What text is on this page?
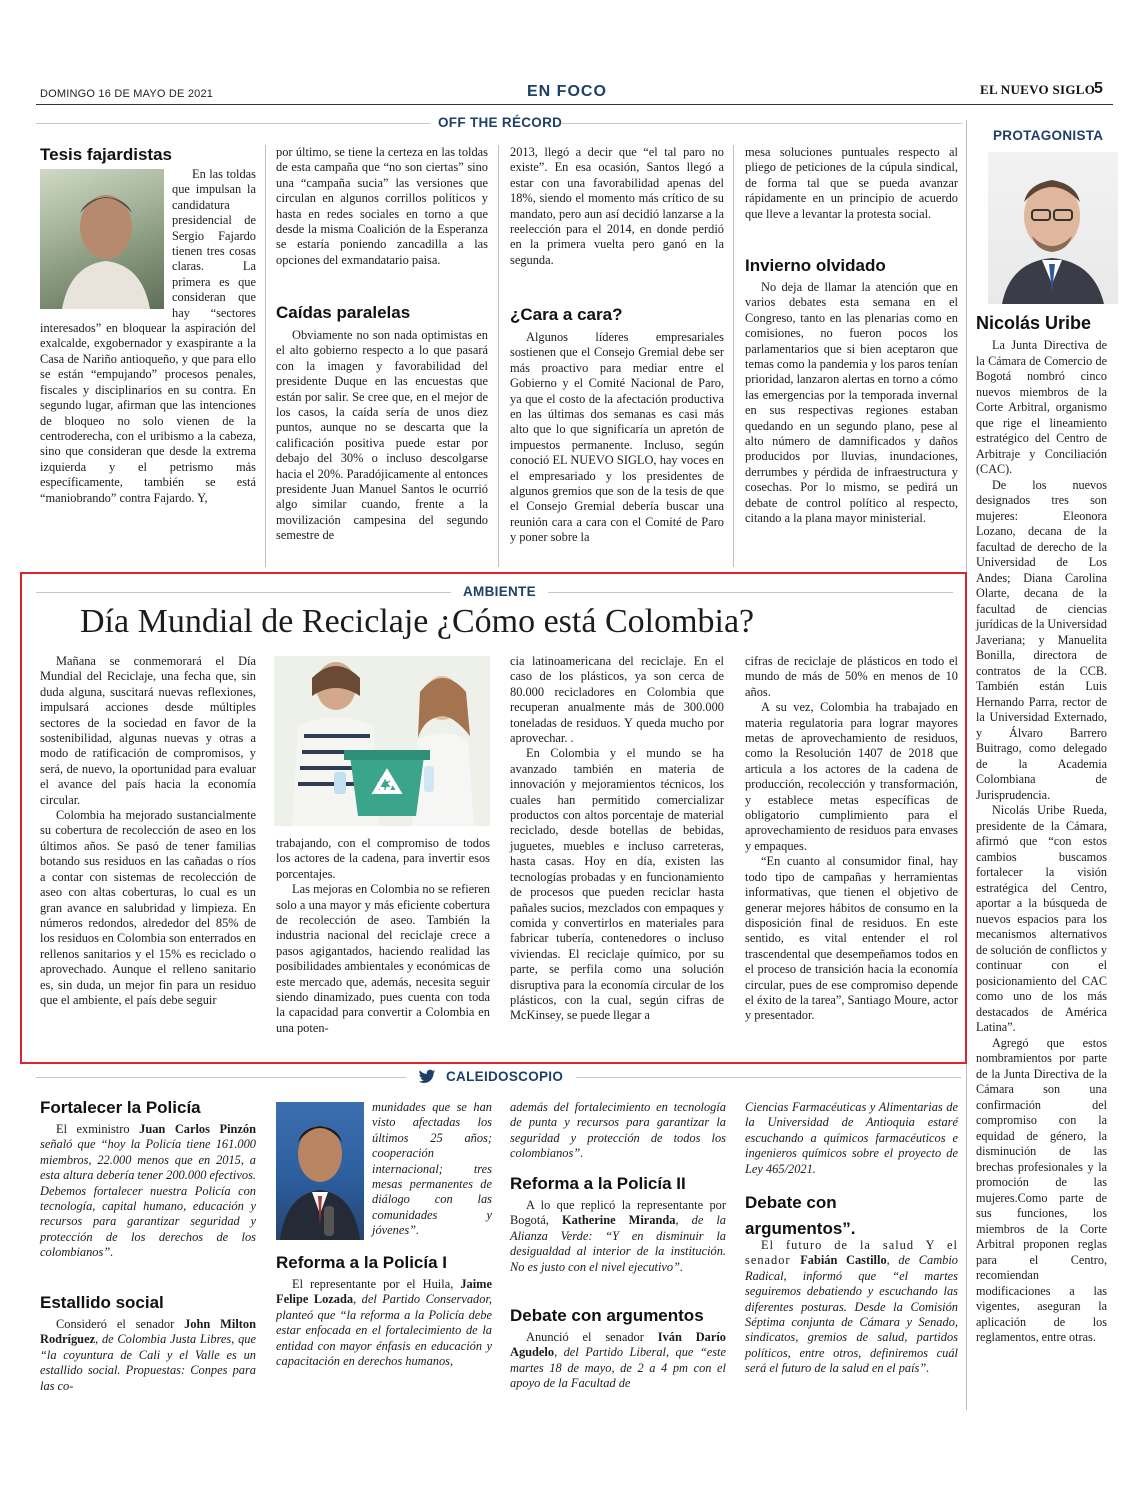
DOMINGO 16 DE MAYO DE 2021	EN FOCO	EL NUEVO SIGLO
5
OFF THE RÉCORD
Tesis fajardistas

En las toldas que impulsan la candidatura presidencial de Sergio Fajardo tienen tres cosas claras. La primera es que consideran que hay “sectores interesados” en bloquear la aspiración del exalcalde, exgobernador y exaspirante a la Casa de Nariño antioqueño, y que para ello se están “empujando” procesos penales, fiscales y disciplinarios en su contra. En segundo lugar, afirman que las intenciones de bloqueo no solo vienen de la centroderecha, con el uribismo a la cabeza, sino que consideran que desde la extrema izquierda y el petrismo más específicamente, también se está “maniobrando” contra Fajardo. Y,

por último, se tiene la certeza en las toldas de esta campaña que “no son ciertas” sino una “campaña sucia” las versiones que circulan en algunos corrillos políticos y hasta en redes sociales en torno a que desde la misma Coalición de la Esperanza se estaría poniendo zancadilla a las opciones del exmandatario paisa.

Caídas paralelas

Obviamente no son nada optimistas en el alto gobierno respecto a lo que pasará con la imagen y favorabilidad del presidente Duque en las encuestas que están por salir. Se cree que, en el mejor de los casos, la caída sería de unos diez puntos, aunque no se descarta que la calificación positiva puede estar por debajo del 30% o incluso descolgarse hacia el 20%. Paradójicamente al entonces presidente Juan Manuel Santos le ocurrió algo similar cuando, frente a la movilización campesina del segundo semestre de

2013, llegó a decir que “el tal paro no existe”. En esa ocasión, Santos llegó a estar con una favorabilidad apenas del 18%, siendo el momento más crítico de su mandato, pero aun así decidió lanzarse a la reelección para el 2014, en donde perdió en la primera vuelta pero ganó en la segunda.

¿Cara a cara?

Algunos líderes empresariales sostienen que el Consejo Gremial debe ser más proactivo para mediar entre el Gobierno y el Comité Nacional de Paro, ya que el costo de la afectación productiva en las últimas dos semanas es casi más alto que lo que significaría un apretón de impuestos permanente. Incluso, según conoció EL NUEVO SIGLO, hay voces en el empresariado y los presidentes de algunos gremios que son de la tesis de que el Consejo Gremial debería buscar una reunión cara a cara con el Comité de Paro y poner sobre la

mesa soluciones puntuales respecto al pliego de peticiones de la cúpula sindical, de forma tal que se pueda avanzar rápidamente en un principio de acuerdo que lleve a levantar la protesta social.

Invierno olvidado

No deja de llamar la atención que en varios debates esta semana en el Congreso, tanto en las plenarias como en comisiones, no fueron pocos los parlamentarios que si bien aceptaron que temas como la pandemia y los paros tenían prioridad, lanzaron alertas en torno a cómo las emergencias por la temporada invernal en sus respectivas regiones estaban quedando en un segundo plano, pese al alto número de damnificados y daños producidos por lluvias, inundaciones, derrumbes y pérdida de infraestructura y cosechas. Por lo mismo, se pedirá un debate de control político al respecto, citando a la plana mayor ministerial.

PROTAGONISTA
Nicolás Uribe

La Junta Directiva de la Cámara de Comercio de Bogotá nombró cinco nuevos miembros de la Corte Arbitral, organismo que rige el lineamiento estratégico del Centro de Arbitraje y Conciliación (CAC).

De los nuevos designados tres son mujeres: Eleonora Lozano, decana de la facultad de derecho de la Universidad de Los Andes; Diana Carolina Olarte, decana de la facultad de ciencias jurídicas de la Universidad Javeriana; y Manuelita Bonilla, directora de contratos de la CCB. También están Luis Hernando Parra, rector de la Universidad Externado, y Álvaro Barrero Buitrago, como delegado de la Academia Colombiana de Jurisprudencia.

Nicolás Uribe Rueda, presidente de la Cámara, afirmó que “con estos cambios buscamos fortalecer la visión estratégica del Centro, aportar a la búsqueda de nuevos espacios para los mecanismos alternativos de solución de conflictos y continuar con el posicionamiento del CAC como uno de los más destacados de América Latina”.

Agregó que estos nombramientos por parte de la Junta Directiva de la Cámara son una confirmación del compromiso con la equidad de género, la disminución de las brechas profesionales y la promoción de las mujeres.Como parte de sus funciones, los miembros de la Corte Arbitral proponen reglas para el Centro, recomiendan modificaciones a las vigentes, aseguran la aplicación de los reglamentos, entre otras.

AMBIENTE
Día Mundial de Reciclaje ¿Cómo está Colombia?

Mañana se conmemorará el Día Mundial del Reciclaje, una fecha que, sin duda alguna, suscitará nuevas reflexiones, impulsará acciones desde múltiples sectores de la sociedad en favor de la sostenibilidad, algunas nuevas y otras a modo de ratificación de compromisos, y será, de nuevo, la oportunidad para evaluar el avance del país hacia la economía circular.

Colombia ha mejorado sustancialmente su cobertura de recolección de aseo en los últimos años. Se pasó de tener familias botando sus residuos en las cañadas o ríos a contar con sistemas de recolección de aseo con altas coberturas, lo cual es un gran avance en salubridad y limpieza. En números redondos, alrededor del 85% de los residuos en Colombia son enterrados en rellenos sanitarios y el 15% es reciclado o aprovechado. Aunque el relleno sanitario es, sin duda, un mejor fin para un residuo que el ambiente, el país debe seguir

♻

trabajando, con el compromiso de todos los actores de la cadena, para invertir esos porcentajes.

Las mejoras en Colombia no se refieren solo a una mayor y más eficiente cobertura de recolección de aseo. También la industria nacional del reciclaje crece a pasos agigantados, haciendo realidad las posibilidades ambientales y económicas de este mercado que, además, necesita seguir siendo dinamizado, pues cuenta con toda la capacidad para convertir a Colombia en una poten-

cia latinoamericana del reciclaje. En el caso de los plásticos, ya son cerca de 80.000 recicladores en Colombia que recuperan anualmente más de 300.000 toneladas de residuos. Y queda mucho por aprovechar. .

En Colombia y el mundo se ha avanzado también en materia de innovación y mejoramientos técnicos, los cuales han permitido comercializar productos con altos porcentaje de material reciclado, desde botellas de bebidas, juguetes, muebles e incluso carreteras, hasta casas. Hoy en día, existen las tecnologías probadas y en funcionamiento de procesos que pueden reciclar hasta pañales sucios, mezclados con empaques y comida y convertirlos en materiales para fabricar tubería, contenedores o incluso viviendas. El reciclaje químico, por su parte, se perfila como una solución disruptiva para la economía circular de los plásticos, con la cual, según cifras de McKinsey, se puede llegar a

cifras de reciclaje de plásticos en todo el mundo de más de 50% en menos de 10 años.

A su vez, Colombia ha trabajado en materia regulatoria para lograr mayores metas de aprovechamiento de residuos, como la Resolución 1407 de 2018 que articula a los actores de la cadena de producción, recolección y transformación, y establece metas específicas de obligatorio cumplimiento para el aprovechamiento de residuos para envases y empaques.

“En cuanto al consumidor final, hay todo tipo de campañas y herramientas informativas, que tienen el objetivo de generar mejores hábitos de consumo en la disposición final de residuos. En este sentido, es vital entender el rol trascendental que desempeñamos todos en el proceso de transición hacia la economía circular, pues de ese compromiso depende el éxito de la tarea”, Santiago Moure, actor y presentador.

CALEIDOSCOPIO
Fortalecer la Policía

El exministro Juan Carlos Pinzón señaló que “hoy la Policía tiene 161.000 miembros, 22.000 menos que en 2015, a esta altura debería tener 200.000 efectivos. Debemos fortalecer nuestra Policía con tecnología, capital humano, educación y recursos para garantizar seguridad y protección de los derechos de los colombianos”.

Estallido social

Consideró el senador John Milton Rodríguez, de Colombia Justa Libres, que “la coyuntura de Cali y el Valle es un estallido social. Propuestas: Conpes para las co-

munidades que se han visto afectadas los últimos 25 años; cooperación internacional; tres mesas permanentes de diálogo con las comunidades y jóvenes”.

Reforma a la Policía I

El representante por el Huila, Jaime Felipe Lozada, del Partido Conservador, planteó que “la reforma a la Policía debe estar enfocada en el fortalecimiento de la entidad con mayor énfasis en educación y capacitación en derechos humanos,

además del fortalecimiento en tecnología de punta y recursos para garantizar la seguridad y protección de todos los colombianos”.

Reforma a la Policía II

A lo que replicó la representante por Bogotá, Katherine Miranda, de la Alianza Verde: “Y en disminuir la desigualdad al interior de la institución. No es justo con el nivel ejecutivo”.

Debate con argumentos

Anunció el senador Iván Darío Agudelo, del Partido Liberal, que “este martes 18 de mayo, de 2 a 4 pm con el apoyo de la Facultad de

Ciencias Farmacéuticas y Alimentarias de la Universidad de Antioquia estaré escuchando a químicos farmacéuticos e ingenieros químicos sobre el proyecto de Ley 465/2021.

Debate con argumentos”.

El futuro de la salud Y el senador Fabián Castillo, de Cambio Radical, informó que “el martes seguiremos debatiendo y escuchando las diferentes posturas. Desde la Comisión Séptima conjunta de Cámara y Senado, sindicatos, gremios de salud, partidos políticos, entre otros, definiremos cuál será el futuro de la salud en el país”.
